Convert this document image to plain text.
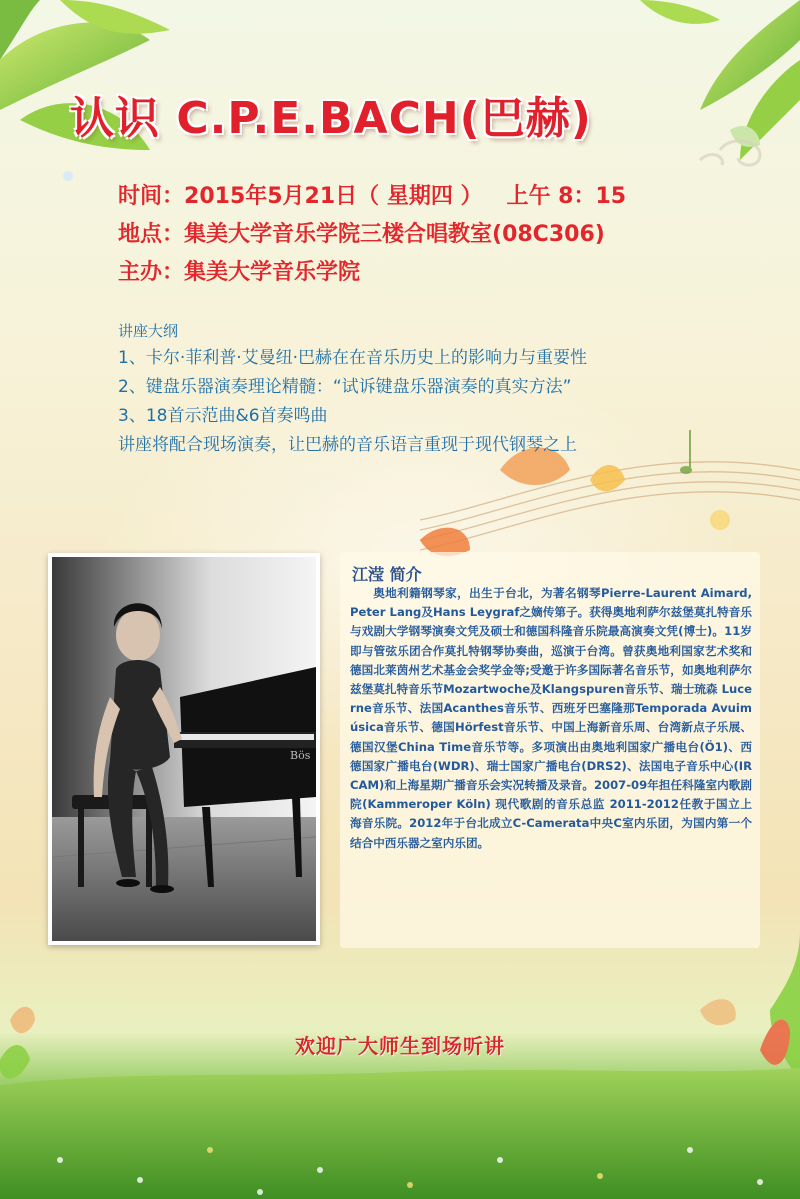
认识 C.P.E.BACH(巴赫)
时间：2015年5月21日（ 星期四 ） 上午 8：15
地点：集美大学音乐学院三楼合唱教室(08C306)
主办：集美大学音乐学院
讲座大纲
1、卡尔·菲利普·艾曼纽·巴赫在在音乐历史上的影响力与重要性
2、键盘乐器演奏理论精髓：“试诉键盘乐器演奏的真实方法”
3、18首示范曲&6首奏鸣曲
讲座将配合现场演奏，让巴赫的音乐语言重现于现代钢琴之上
Bös
江滢 简介
奥地利籍钢琴家，出生于台北，为著名钢琴Pierre-Laurent Aimard, Peter Lang及Hans Leygraf之嫡传第子。获得奥地利萨尔兹堡莫扎特音乐与戏剧大学钢琴演奏文凭及硕士和德国科隆音乐院最高演奏文凭(博士)。11岁即与管弦乐团合作莫扎特钢琴协奏曲，巡演于台湾。曾获奥地利国家艺术奖和德国北莱茵州艺术基金会奖学金等;受邀于许多国际著名音乐节，如奥地利萨尔兹堡莫扎特音乐节Mozartwoche及Klangspuren音乐节、瑞士琉森 Lucerne音乐节、法国Acanthes音乐节、西班牙巴塞隆那Temporada Avuimúsica音乐节、德国Hörfest音乐节、中国上海新音乐周、台湾新点子乐展、德国汉堡China Time音乐节等。多项演出由奥地利国家广播电台(Ö1)、西德国家广播电台(WDR)、瑞士国家广播电台(DRS2)、法国电子音乐中心(IRCAM)和上海星期广播音乐会实况转播及录音。2007-09年担任科隆室内歌剧院(Kammeroper Köln) 现代歌剧的音乐总监 2011-2012任教于国立上海音乐院。2012年于台北成立C-Camerata中央C室内乐团，为国内第一个结合中西乐器之室内乐团。
欢迎广大师生到场听讲
